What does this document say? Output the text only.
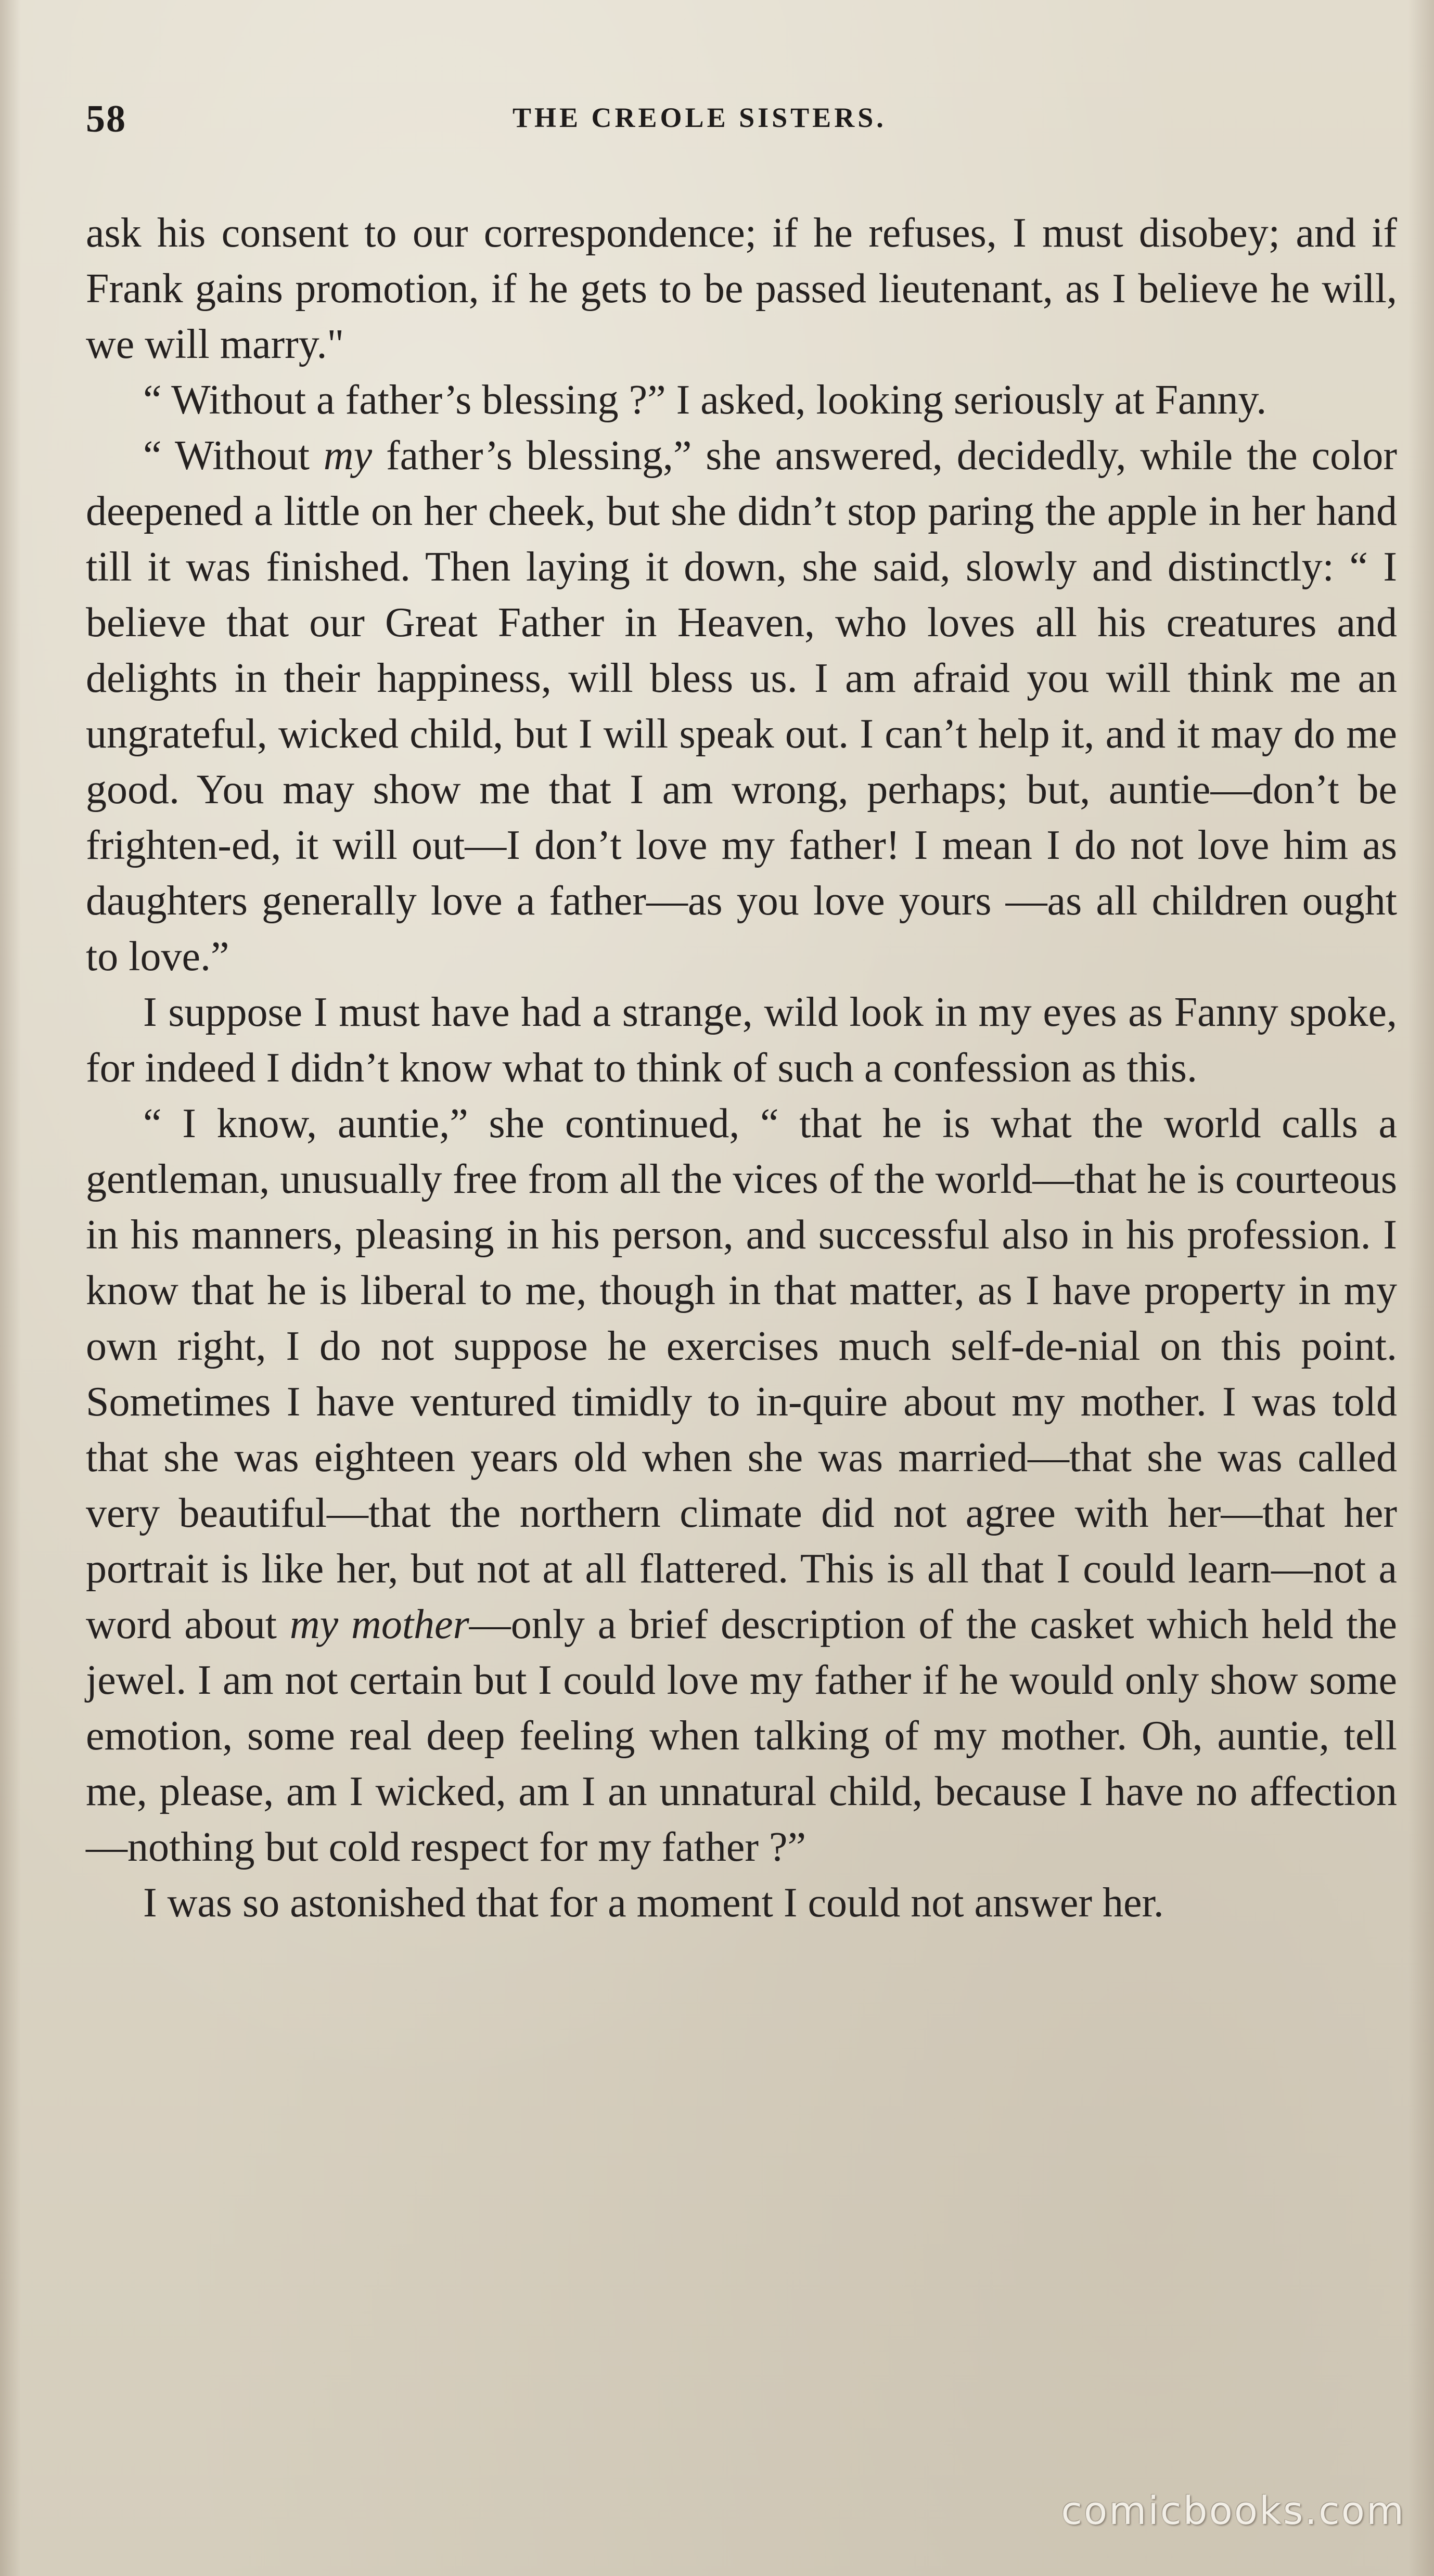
58	THE CREOLE SISTERS.

ask his consent to our correspondence; if he refuses, I must disobey; and if Frank gains promotion, if he gets to be passed lieutenant, as I believe he will, we will marry."

“ Without a father’s blessing ?” I asked, looking seriously at Fanny.

“ Without my father’s blessing,” she answered, decidedly, while the color deepened a little on her cheek, but she didn’t stop paring the apple in her hand till it was finished. Then laying it down, she said, slowly and distinctly: “ I believe that our Great Father in Heaven, who loves all his creatures and delights in their happiness, will bless us. I am afraid you will think me an ungrateful, wicked child, but I will speak out. I can’t help it, and it may do me good. You may show me that I am wrong, perhaps; but, auntie—don’t be frighten-ed, it will out—I don’t love my father! I mean I do not love him as daughters generally love a father—as you love yours —as all children ought to love.”

I suppose I must have had a strange, wild look in my eyes as Fanny spoke, for indeed I didn’t know what to think of such a confession as this.

“ I know, auntie,” she continued, “ that he is what the world calls a gentleman, unusually free from all the vices of the world—that he is courteous in his manners, pleasing in his person, and successful also in his profession. I know that he is liberal to me, though in that matter, as I have property in my own right, I do not suppose he exercises much self-de-nial on this point. Sometimes I have ventured timidly to in-quire about my mother. I was told that she was eighteen years old when she was married—that she was called very beautiful—that the northern climate did not agree with her—that her portrait is like her, but not at all flattered. This is all that I could learn—not a word about my mother—only a brief description of the casket which held the jewel. I am not certain but I could love my father if he would only show some emotion, some real deep feeling when talking of my mother. Oh, auntie, tell me, please, am I wicked, am I an unnatural child, because I have no affection—nothing but cold respect for my father ?”

I was so astonished that for a moment I could not answer her.

comicbooks.com
